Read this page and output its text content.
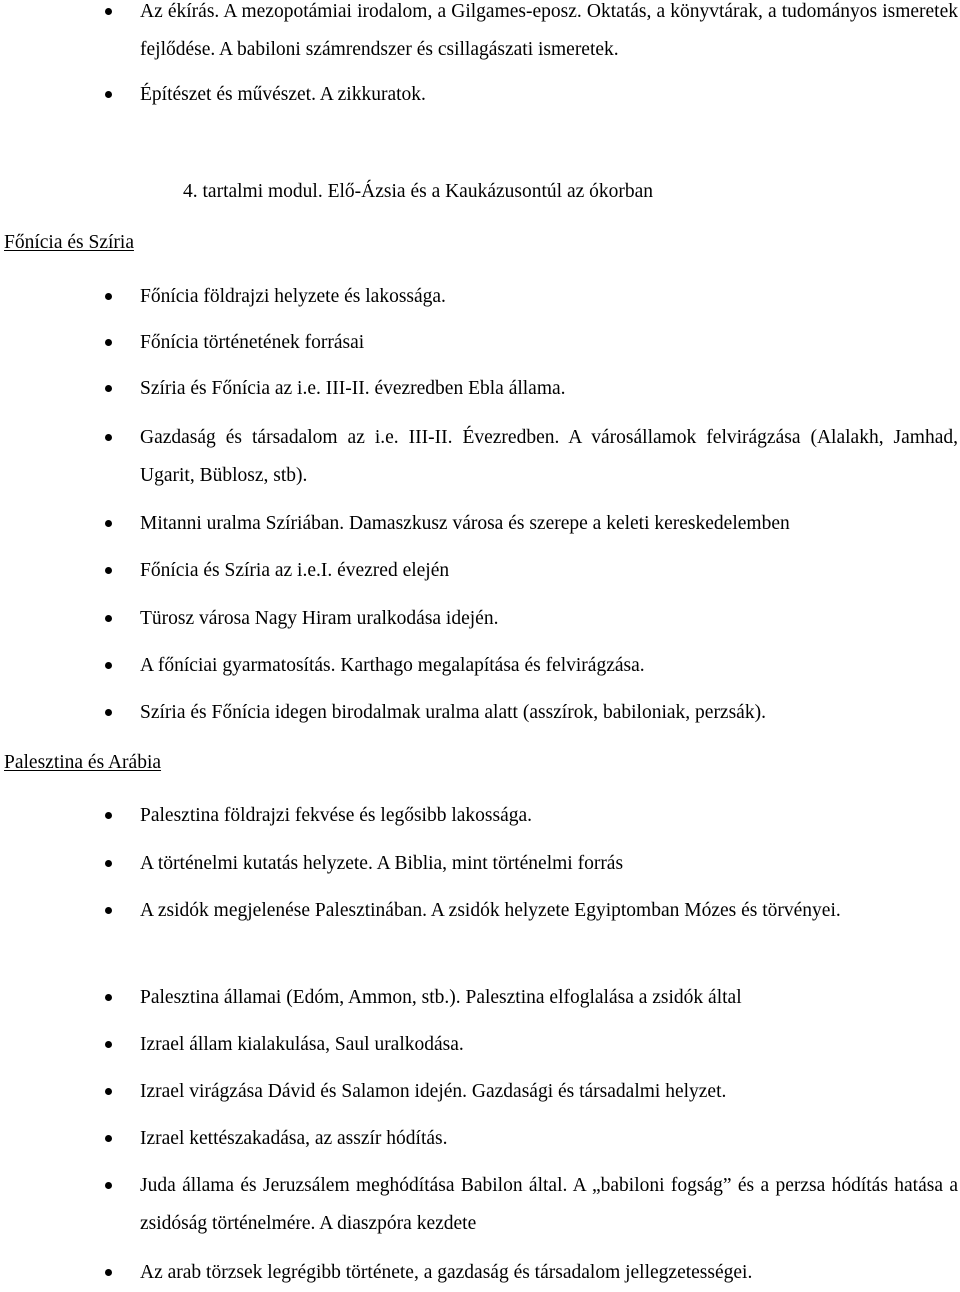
Az ékírás. A mezopotámiai irodalom, a Gilgames-eposz. Oktatás, a könyvtárak, a tudományos ismeretek fejlődése. A babiloni számrendszer és csillagászati ismeretek.
Építészet és művészet. A zikkuratok.
4. tartalmi modul. Elő-Ázsia és a Kaukázusontúl az ókorban
Főnícia és Szíria
Főnícia földrajzi helyzete és lakossága.
Főnícia történetének forrásai
Szíria és Főnícia az i.e. III-II. évezredben Ebla állama.
Gazdaság és társadalom az i.e. III-II. Évezredben. A városállamok felvirágzása (Alalakh, Jamhad, Ugarit, Büblosz, stb).
Mitanni uralma Szíriában. Damaszkusz városa és szerepe a keleti kereskedelemben
Főnícia és Szíria az i.e.I. évezred elején
Türosz városa Nagy Hiram uralkodása idején.
A főníciai gyarmatosítás. Karthago megalapítása és felvirágzása.
Szíria és Főnícia idegen birodalmak uralma alatt (asszírok, babiloniak, perzsák).
Palesztina és Arábia
Palesztina földrajzi fekvése és legősibb lakossága.
A történelmi kutatás helyzete. A Biblia, mint történelmi forrás
A zsidók megjelenése Palesztinában. A zsidók helyzete Egyiptomban Mózes és törvényei.
Palesztina államai (Edóm, Ammon, stb.). Palesztina elfoglalása a zsidók által
Izrael állam kialakulása, Saul uralkodása.
Izrael virágzása Dávid és Salamon idején. Gazdasági és társadalmi helyzet.
Izrael kettészakadása, az asszír hódítás.
Juda állama és Jeruzsálem meghódítása Babilon által. A „babiloni fogság” és a perzsa hódítás hatása a zsidóság történelmére. A diaszpóra kezdete
Az arab törzsek legrégibb története, a gazdaság és társadalom jellegzetességei.
